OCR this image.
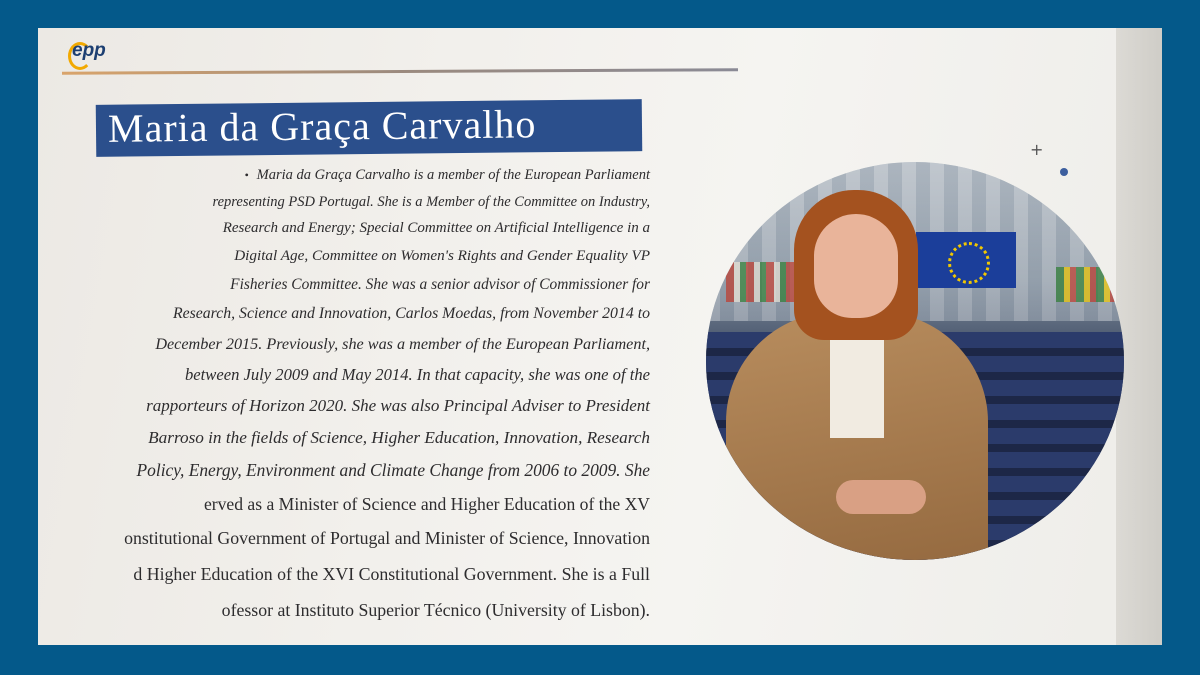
epp
Maria da Graça Carvalho
• Maria da Graça Carvalho is a member of the European Parliament
representing PSD Portugal. She is a Member of the Committee on Industry,
Research and Energy; Special Committee on Artificial Intelligence in a
Digital Age, Committee on Women's Rights and Gender Equality VP
Fisheries Committee. She was a senior advisor of Commissioner for
Research, Science and Innovation, Carlos Moedas, from November 2014 to
December 2015. Previously, she was a member of the European Parliament,
between July 2009 and May 2014. In that capacity, she was one of the
rapporteurs of Horizon 2020. She was also Principal Adviser to President
Barroso in the fields of Science, Higher Education, Innovation, Research
Policy, Energy, Environment and Climate Change from 2006 to 2009. She
erved as a Minister of Science and Higher Education of the XV
onstitutional Government of Portugal and Minister of Science, Innovation
d Higher Education of the XVI Constitutional Government. She is a Full
ofessor at Instituto Superior Técnico (University of Lisbon).
+
